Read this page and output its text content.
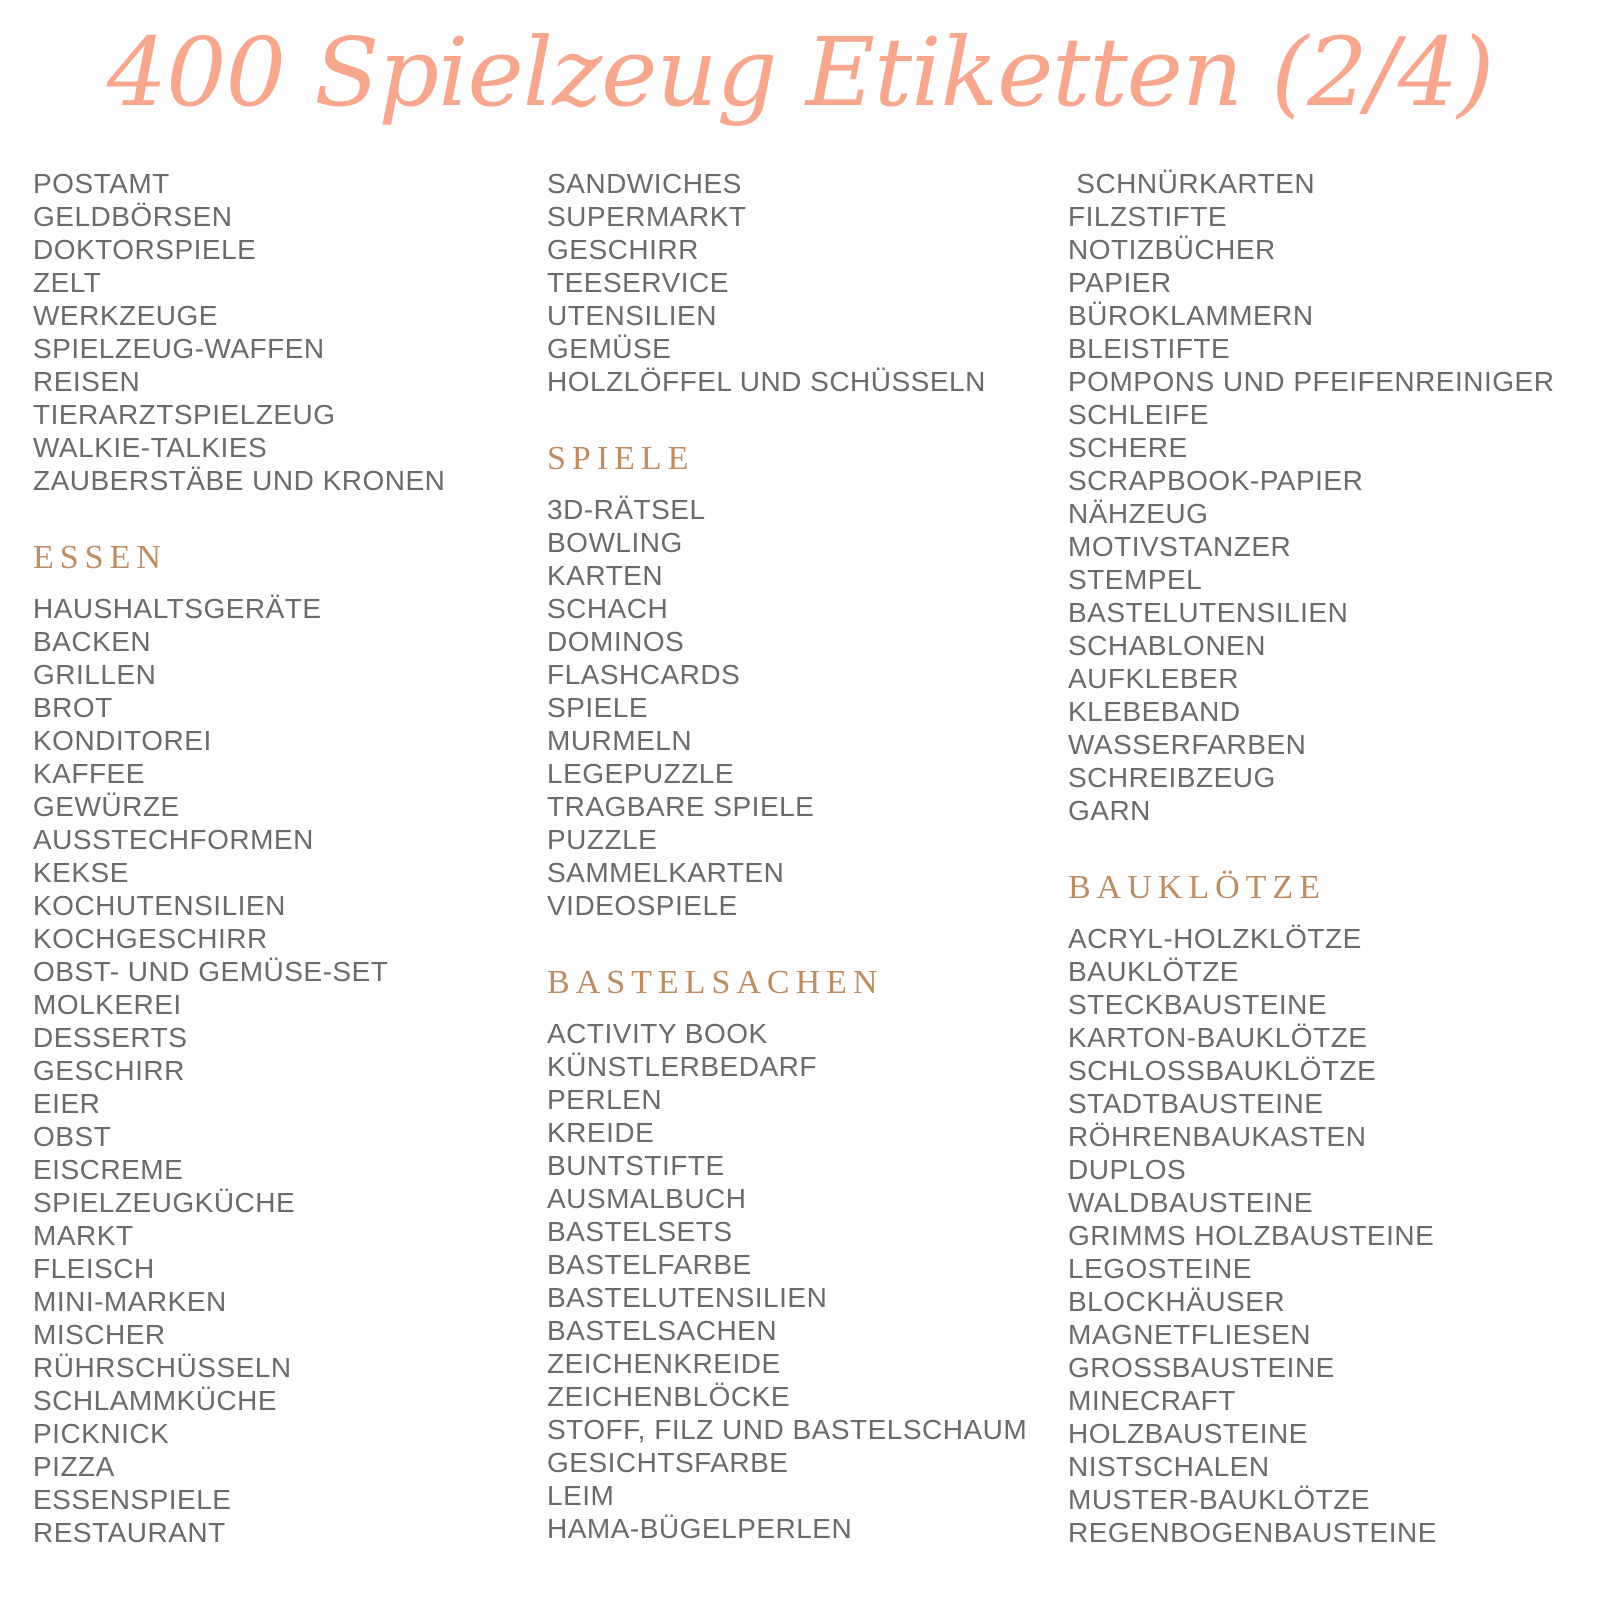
400 Spielzeug Etiketten (2/4)
POSTAMT
GELDBÖRSEN
DOKTORSPIELE
ZELT
WERKZEUGE
SPIELZEUG-WAFFEN
REISEN
TIERARZTSPIELZEUG
WALKIE-TALKIES
ZAUBERSTÄBE UND KRONEN
ESSEN
HAUSHALTSGERÄTE
BACKEN
GRILLEN
BROT
KONDITOREI
KAFFEE
GEWÜRZE
AUSSTECHFORMEN
KEKSE
KOCHUTENSILIEN
KOCHGESCHIRR
OBST- UND GEMÜSE-SET
MOLKEREI
DESSERTS
GESCHIRR
EIER
OBST
EISCREME
SPIELZEUGKÜCHE
MARKT
FLEISCH
MINI-MARKEN
MISCHER
RÜHRSCHÜSSELN
SCHLAMMKÜCHE
PICKNICK
PIZZA
ESSENSPIELE
RESTAURANT
SANDWICHES
SUPERMARKT
GESCHIRR
TEESERVICE
UTENSILIEN
GEMÜSE
HOLZLÖFFEL UND SCHÜSSELN
SPIELE
3D-RÄTSEL
BOWLING
KARTEN
SCHACH
DOMINOS
FLASHCARDS
SPIELE
MURMELN
LEGEPUZZLE
TRAGBARE SPIELE
PUZZLE
SAMMELKARTEN
VIDEOSPIELE
BASTELSACHEN
ACTIVITY BOOK
KÜNSTLERBEDARF
PERLEN
KREIDE
BUNTSTIFTE
AUSMALBUCH
BASTELSETS
BASTELFARBE
BASTELUTENSILIEN
BASTELSACHEN
ZEICHENKREIDE
ZEICHENBLÖCKE
STOFF, FILZ UND BASTELSCHAUM
GESICHTSFARBE
LEIM
HAMA-BÜGELPERLEN
SCHNÜRKARTEN
FILZSTIFTE
NOTIZBÜCHER
PAPIER
BÜROKLAMMERN
BLEISTIFTE
POMPONS UND PFEIFENREINIGER
SCHLEIFE
SCHERE
SCRAPBOOK-PAPIER
NÄHZEUG
MOTIVSTANZER
STEMPEL
BASTELUTENSILIEN
SCHABLONEN
AUFKLEBER
KLEBEBAND
WASSERFARBEN
SCHREIBZEUG
GARN
BAUKLÖTZE
ACRYL-HOLZKLÖTZE
BAUKLÖTZE
STECKBAUSTEINE
KARTON-BAUKLÖTZE
SCHLOSSBAUKLÖTZE
STADTBAUSTEINE
RÖHRENBAUKASTEN
DUPLOS
WALDBAUSTEINE
GRIMMS HOLZBAUSTEINE
LEGOSTEINE
BLOCKHÄUSER
MAGNETFLIESEN
GROSSBAUSTEINE
MINECRAFT
HOLZBAUSTEINE
NISTSCHALEN
MUSTER-BAUKLÖTZE
REGENBOGENBAUSTEINE
